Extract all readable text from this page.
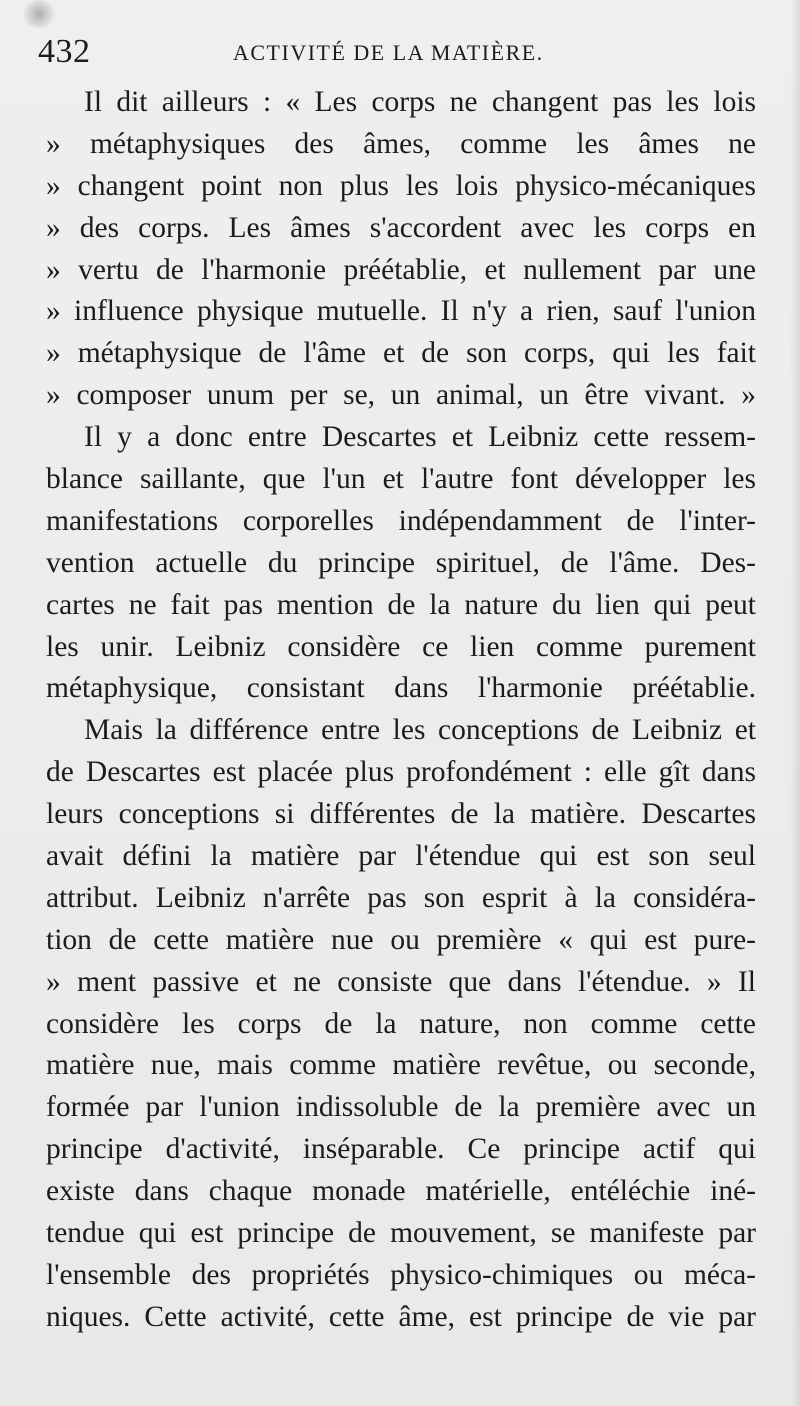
432	ACTIVITÉ DE LA MATIÈRE.
Il dit ailleurs : « Les corps ne changent pas les lois
» métaphysiques des âmes, comme les âmes ne
» changent point non plus les lois physico-mécaniques
» des corps. Les âmes s'accordent avec les corps en
» vertu de l'harmonie préétablie, et nullement par une
» influence physique mutuelle. Il n'y a rien, sauf l'union
» métaphysique de l'âme et de son corps, qui les fait
» composer unum per se, un animal, un être vivant. »
Il y a donc entre Descartes et Leibniz cette ressem-
blance saillante, que l'un et l'autre font développer les
manifestations corporelles indépendamment de l'inter-
vention actuelle du principe spirituel, de l'âme. Des-
cartes ne fait pas mention de la nature du lien qui peut
les unir. Leibniz considère ce lien comme purement
métaphysique, consistant dans l'harmonie préétablie.
Mais la différence entre les conceptions de Leibniz et
de Descartes est placée plus profondément : elle gît dans
leurs conceptions si différentes de la matière. Descartes
avait défini la matière par l'étendue qui est son seul
attribut. Leibniz n'arrête pas son esprit à la considéra-
tion de cette matière nue ou première « qui est pure-
» ment passive et ne consiste que dans l'étendue. » Il
considère les corps de la nature, non comme cette
matière nue, mais comme matière revêtue, ou seconde,
formée par l'union indissoluble de la première avec un
principe d'activité, inséparable. Ce principe actif qui
existe dans chaque monade matérielle, entéléchie iné-
tendue qui est principe de mouvement, se manifeste par
l'ensemble des propriétés physico-chimiques ou méca-
niques. Cette activité, cette âme, est principe de vie par
